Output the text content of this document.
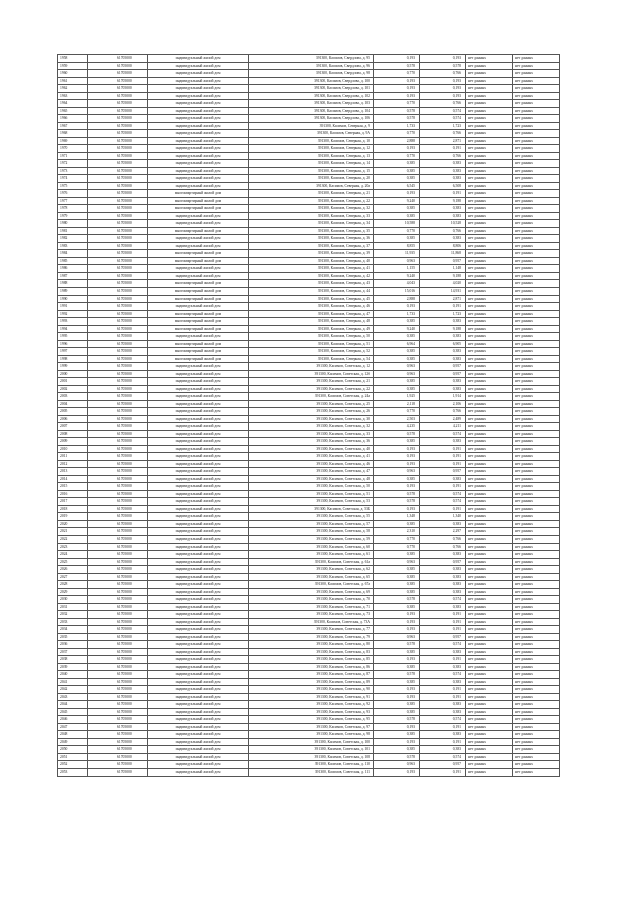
1958	61705000	индивидуальный жилой дом	391300, Касимов, Свердлова, д. 95	0,193	0,193	нет данных	нет данных
1959	61705000	индивидуальный жилой дом	391300, Касимов, Свердлова, д. 96	0,578	0,578	нет данных	нет данных
1960	61705000	индивидуальный жилой дом	391300, Касимов, Свердлова, д. 98	0,770	0,766	нет данных	нет данных
1961	61705000	индивидуальный жилой дом	391300, Касимов, Свердлова, д. 100	0,193	0,193	нет данных	нет данных
1962	61705000	индивидуальный жилой дом	391300, Касимов, Свердлова, д. 101	0,193	0,193	нет данных	нет данных
1963	61705000	индивидуальный жилой дом	391300, Касимов, Свердлова, д. 102	0,193	0,193	нет данных	нет данных
1964	61705000	индивидуальный жилой дом	391300, Касимов, Свердлова, д. 103	0,770	0,766	нет данных	нет данных
1965	61705000	индивидуальный жилой дом	391300, Касимов, Свердлова, д. 104	0,578	0,574	нет данных	нет данных
1966	61705000	индивидуальный жилой дом	391300, Касимов, Свердлова, д. 106	0,578	0,574	нет данных	нет данных
1967	61705000	индивидуальный жилой дом	391300, Касимов, Северная, д. 9	1,733	1,723	нет данных	нет данных
1968	61705000	индивидуальный жилой дом	391300, Касимов, Северная, д. 9А	0,770	0,766	нет данных	нет данных
1969	61705000	индивидуальный жилой дом	391300, Касимов, Северная, д. 10	2,888	2,871	нет данных	нет данных
1970	61705000	индивидуальный жилой дом	391300, Касимов, Северная, д. 12	0,193	0,191	нет данных	нет данных
1971	61705000	индивидуальный жилой дом	391300, Касимов, Северная, д. 13	0,770	0,766	нет данных	нет данных
1972	61705000	индивидуальный жилой дом	391300, Касимов, Северная, д. 14	0,385	0,383	нет данных	нет данных
1973	61705000	индивидуальный жилой дом	391300, Касимов, Северная, д. 15	0,385	0,383	нет данных	нет данных
1974	61705000	индивидуальный жилой дом	391300, Касимов, Северная, д. 20	0,385	0,383	нет данных	нет данных
1975	61705000	индивидуальный жилой дом	391300, Касимов, Северная, д. 20а	6,545	6,508	нет данных	нет данных
1976	61705000	многоквартирный жилой дом	391300, Касимов, Северная, д. 21	0,193	0,191	нет данных	нет данных
1977	61705000	многоквартирный жилой дом	391300, Касимов, Северная, д. 22	9,240	9,188	нет данных	нет данных
1978	61705000	многоквартирный жилой дом	391300, Касимов, Северная, д. 32	0,385	0,383	нет данных	нет данных
1979	61705000	индивидуальный жилой дом	391300, Касимов, Северная, д. 33	0,385	0,383	нет данных	нет данных
1980	61705000	индивидуальный жилой дом	391300, Касимов, Северная, д. 34	10,588	10,528	нет данных	нет данных
1981	61705000	многоквартирный жилой дом	391300, Касимов, Северная, д. 35	0,770	0,766	нет данных	нет данных
1982	61705000	индивидуальный жилой дом	391300, Касимов, Северная, д. 36	0,385	0,383	нет данных	нет данных
1983	61705000	индивидуальный жилой дом	391300, Касимов, Северная, д. 37	8,855	8,806	нет данных	нет данных
1984	61705000	многоквартирный жилой дом	391300, Касимов, Северная, д. 39	11,935	11,868	нет данных	нет данных
1985	61705000	многоквартирный жилой дом	391300, Касимов, Северная, д. 40	0,963	0,957	нет данных	нет данных
1986	61705000	индивидуальный жилой дом	391300, Касимов, Северная, д. 41	1,155	1,148	нет данных	нет данных
1987	61705000	индивидуальный жилой дом	391300, Касимов, Северная, д. 42	9,240	9,188	нет данных	нет данных
1988	61705000	многоквартирный жилой дом	391300, Касимов, Северная, д. 43	4,043	4,020	нет данных	нет данных
1989	61705000	многоквартирный жилой дом	391300, Касимов, Северная, д. 44	15,016	14,931	нет данных	нет данных
1990	61705000	многоквартирный жилой дом	391300, Касимов, Северная, д. 45	2,888	2,871	нет данных	нет данных
1991	61705000	индивидуальный жилой дом	391300, Касимов, Северная, д. 46	0,193	0,191	нет данных	нет данных
1992	61705000	многоквартирный жилой дом	391300, Касимов, Северная, д. 47	1,733	1,723	нет данных	нет данных
1993	61705000	многоквартирный жилой дом	391300, Касимов, Северная, д. 48	0,385	0,383	нет данных	нет данных
1994	61705000	многоквартирный жилой дом	391300, Касимов, Северная, д. 49	9,240	9,188	нет данных	нет данных
1995	61705000	индивидуальный жилой дом	391300, Касимов, Северная, д. 50	0,385	0,383	нет данных	нет данных
1996	61705000	многоквартирный жилой дом	391300, Касимов, Северная, д. 51	6,964	6,905	нет данных	нет данных
1997	61705000	многоквартирный жилой дом	391300, Касимов, Северная, д. 52	0,385	0,383	нет данных	нет данных
1998	61705000	многоквартирный жилой дом	391300, Касимов, Северная, д. 54	0,385	0,383	нет данных	нет данных
1999	61705000	индивидуальный жилой дом	391300, Касимов, Советская, д. 12	0,963	0,957	нет данных	нет данных
2000	61705000	индивидуальный жилой дом	391300, Касимов, Советская, д. 12б	0,963	0,957	нет данных	нет данных
2001	61705000	индивидуальный жилой дом	391300, Касимов, Советская, д. 21	0,385	0,383	нет данных	нет данных
2002	61705000	индивидуальный жилой дом	391300, Касимов, Советская, д. 22	0,385	0,383	нет данных	нет данных
2003	61705000	индивидуальный жилой дом	391300, Касимов, Советская, д. 24а	1,925	1,914	нет данных	нет данных
2004	61705000	индивидуальный жилой дом	391300, Касимов, Советская, д. 25	2,118	2,106	нет данных	нет данных
2005	61705000	индивидуальный жилой дом	391300, Касимов, Советская, д. 26	0,770	0,766	нет данных	нет данных
2006	61705000	индивидуальный жилой дом	391300, Касимов, Советская, д. 30	2,503	2,489	нет данных	нет данных
2007	61705000	индивидуальный жилой дом	391300, Касимов, Советская, д. 32	4,235	4,211	нет данных	нет данных
2008	61705000	индивидуальный жилой дом	391300, Касимов, Советская, д. 33	0,578	0,574	нет данных	нет данных
2009	61705000	индивидуальный жилой дом	391300, Касимов, Советская, д. 36	0,385	0,383	нет данных	нет данных
2010	61705000	индивидуальный жилой дом	391300, Касимов, Советская, д. 40	0,193	0,191	нет данных	нет данных
2011	61705000	индивидуальный жилой дом	391300, Касимов, Советская, д. 41	0,193	0,191	нет данных	нет данных
2012	61705000	индивидуальный жилой дом	391300, Касимов, Советская, д. 46	0,193	0,191	нет данных	нет данных
2013	61705000	индивидуальный жилой дом	391300, Касимов, Советская, д. 47	0,963	0,957	нет данных	нет данных
2014	61705000	индивидуальный жилой дом	391300, Касимов, Советская, д. 48	0,385	0,383	нет данных	нет данных
2015	61705000	индивидуальный жилой дом	391300, Касимов, Советская, д. 50	0,193	0,191	нет данных	нет данных
2016	61705000	индивидуальный жилой дом	391300, Касимов, Советская, д. 51	0,578	0,574	нет данных	нет данных
2017	61705000	индивидуальный жилой дом	391300, Касимов, Советская, д. 53	0,578	0,574	нет данных	нет данных
2018	61705000	индивидуальный жилой дом	391300, Касимов, Советская, д. 53Б	0,193	0,191	нет данных	нет данных
2019	61705000	индивидуальный жилой дом	391300, Касимов, Советская, д. 55	1,348	1,340	нет данных	нет данных
2020	61705000	индивидуальный жилой дом	391300, Касимов, Советская, д. 57	0,385	0,383	нет данных	нет данных
2021	61705000	индивидуальный жилой дом	391300, Касимов, Советская, д. 58	2,310	2,297	нет данных	нет данных
2022	61705000	индивидуальный жилой дом	391300, Касимов, Советская, д. 59	0,770	0,766	нет данных	нет данных
2023	61705000	индивидуальный жилой дом	391300, Касимов, Советская, д. 60	0,770	0,766	нет данных	нет данных
2024	61705000	индивидуальный жилой дом	391300, Касимов, Советская, д. 61	0,385	0,383	нет данных	нет данных
2025	61705000	индивидуальный жилой дом	391300, Касимов, Советская, д. 61а	0,963	0,957	нет данных	нет данных
2026	61705000	индивидуальный жилой дом	391300, Касимов, Советская, д. 62	0,385	0,383	нет данных	нет данных
2027	61705000	индивидуальный жилой дом	391300, Касимов, Советская, д. 65	0,385	0,383	нет данных	нет данных
2028	61705000	индивидуальный жилой дом	391300, Касимов, Советская, д. 67а	0,385	0,383	нет данных	нет данных
2029	61705000	индивидуальный жилой дом	391300, Касимов, Советская, д. 69	0,385	0,383	нет данных	нет данных
2030	61705000	индивидуальный жилой дом	391300, Касимов, Советская, д. 70	0,578	0,574	нет данных	нет данных
2031	61705000	индивидуальный жилой дом	391300, Касимов, Советская, д. 71	0,385	0,383	нет данных	нет данных
2032	61705000	индивидуальный жилой дом	391300, Касимов, Советская, д. 73	0,193	0,191	нет данных	нет данных
2033	61705000	индивидуальный жилой дом	391300, Касимов, Советская, д. 73А	0,193	0,191	нет данных	нет данных
2034	61705000	индивидуальный жилой дом	391300, Касимов, Советская, д. 77	0,193	0,191	нет данных	нет данных
2035	61705000	индивидуальный жилой дом	391300, Касимов, Советская, д. 79	0,963	0,957	нет данных	нет данных
2036	61705000	индивидуальный жилой дом	391300, Касимов, Советская, д. 80	0,578	0,574	нет данных	нет данных
2037	61705000	индивидуальный жилой дом	391300, Касимов, Советская, д. 83	0,385	0,383	нет данных	нет данных
2038	61705000	индивидуальный жилой дом	391300, Касимов, Советская, д. 85	0,193	0,191	нет данных	нет данных
2039	61705000	индивидуальный жилой дом	391300, Касимов, Советская, д. 86	0,385	0,383	нет данных	нет данных
2040	61705000	индивидуальный жилой дом	391300, Касимов, Советская, д. 87	0,578	0,574	нет данных	нет данных
2041	61705000	индивидуальный жилой дом	391300, Касимов, Советская, д. 89	0,385	0,383	нет данных	нет данных
2042	61705000	индивидуальный жилой дом	391300, Касимов, Советская, д. 90	0,193	0,191	нет данных	нет данных
2043	61705000	индивидуальный жилой дом	391300, Касимов, Советская, д. 91	0,193	0,191	нет данных	нет данных
2044	61705000	индивидуальный жилой дом	391300, Касимов, Советская, д. 92	0,385	0,383	нет данных	нет данных
2045	61705000	индивидуальный жилой дом	391300, Касимов, Советская, д. 93	0,385	0,383	нет данных	нет данных
2046	61705000	индивидуальный жилой дом	391300, Касимов, Советская, д. 95	0,578	0,574	нет данных	нет данных
2047	61705000	индивидуальный жилой дом	391300, Касимов, Советская, д. 97	0,193	0,191	нет данных	нет данных
2048	61705000	индивидуальный жилой дом	391300, Касимов, Советская, д. 98	0,385	0,383	нет данных	нет данных
2049	61705000	индивидуальный жилой дом	391300, Касимов, Советская, д. 100	0,193	0,191	нет данных	нет данных
2050	61705000	индивидуальный жилой дом	391300, Касимов, Советская, д. 101	0,385	0,383	нет данных	нет данных
2051	61705000	индивидуальный жилой дом	391300, Касимов, Советская, д. 108	0,578	0,574	нет данных	нет данных
2052	61705000	индивидуальный жилой дом	391300, Касимов, Советская, д. 110	0,963	0,957	нет данных	нет данных
2053	61705000	индивидуальный жилой дом	391300, Касимов, Советская, д. 111	0,193	0,191	нет данных	нет данных
